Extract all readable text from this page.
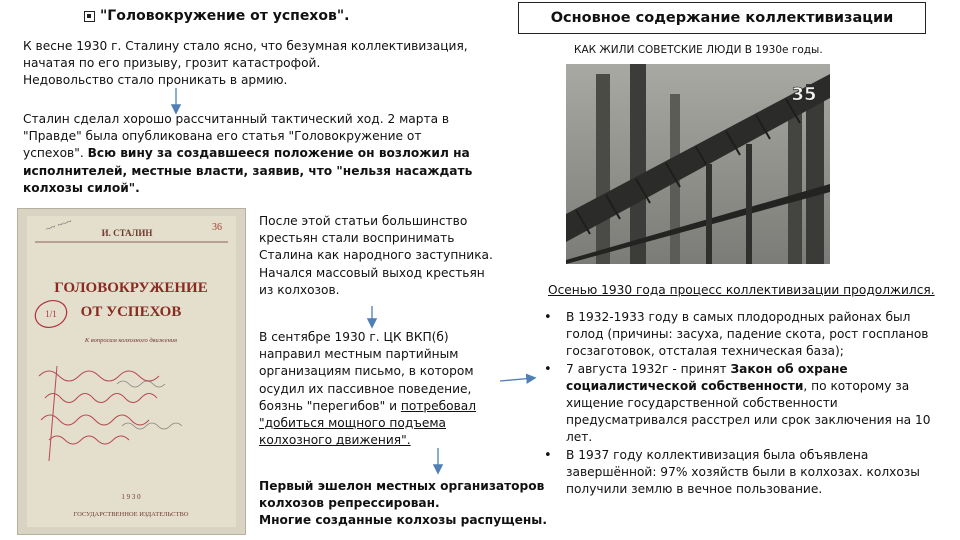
"Головокружение от успехов".	Основное содержание коллективизации
КАК ЖИЛИ СОВЕТСКИЕ ЛЮДИ В 1930е годы.
К весне 1930 г. Сталину стало ясно, что безумная коллективизация,
начатая по его призыву, грозит катастрофой.
Недовольство стало проникать в армию.
Сталин сделал хорошо рассчитанный тактический ход. 2 марта в
"Правде" была опубликована его статья "Головокружение от
успехов". Всю вину за создавшееся положение он возложил на
исполнителей, местные власти, заявив, что "нельзя насаждать
колхозы силой".
После этой статьи большинство
крестьян стали воспринимать
Сталина как народного заступника.
Начался массовый выход крестьян
из колхозов.
В сентябре 1930 г. ЦК ВКП(б)
направил местным партийным
организациям письмо, в котором
осудил их пассивное поведение,
боязнь "перегибов" и потребовал
"добиться мощного подъема
колхозного движения".
Первый эшелон местных организаторов
колхозов репрессирован.
Многие созданные колхозы распущены.
Осенью 1930 года процесс коллективизации продолжился.
• В 1932-1933 году в самых плодородных районах был голод (причины: засуха, падение скота, рост госпланов госзаготовок, отсталая техническая база);
• 7 августа 1932г - принят Закон об охране социалистической собственности, по которому за хищение государственной собственности предусматривался расстрел или срок заключения на 10 лет.
• В 1937 году коллективизация была объявлена завершённой: 97% хозяйств были в колхозах. колхозы получили землю в вечное пользование.
~~ ~~~	И. СТАЛИН	36
ГОЛОВОКРУЖЕНИЕ
ОТ УСПЕХОВ
К вопросам колхозного движения
1/1
1 9 3 0
ГОСУДАРСТВЕННОЕ ИЗДАТЕЛЬСТВО
35
